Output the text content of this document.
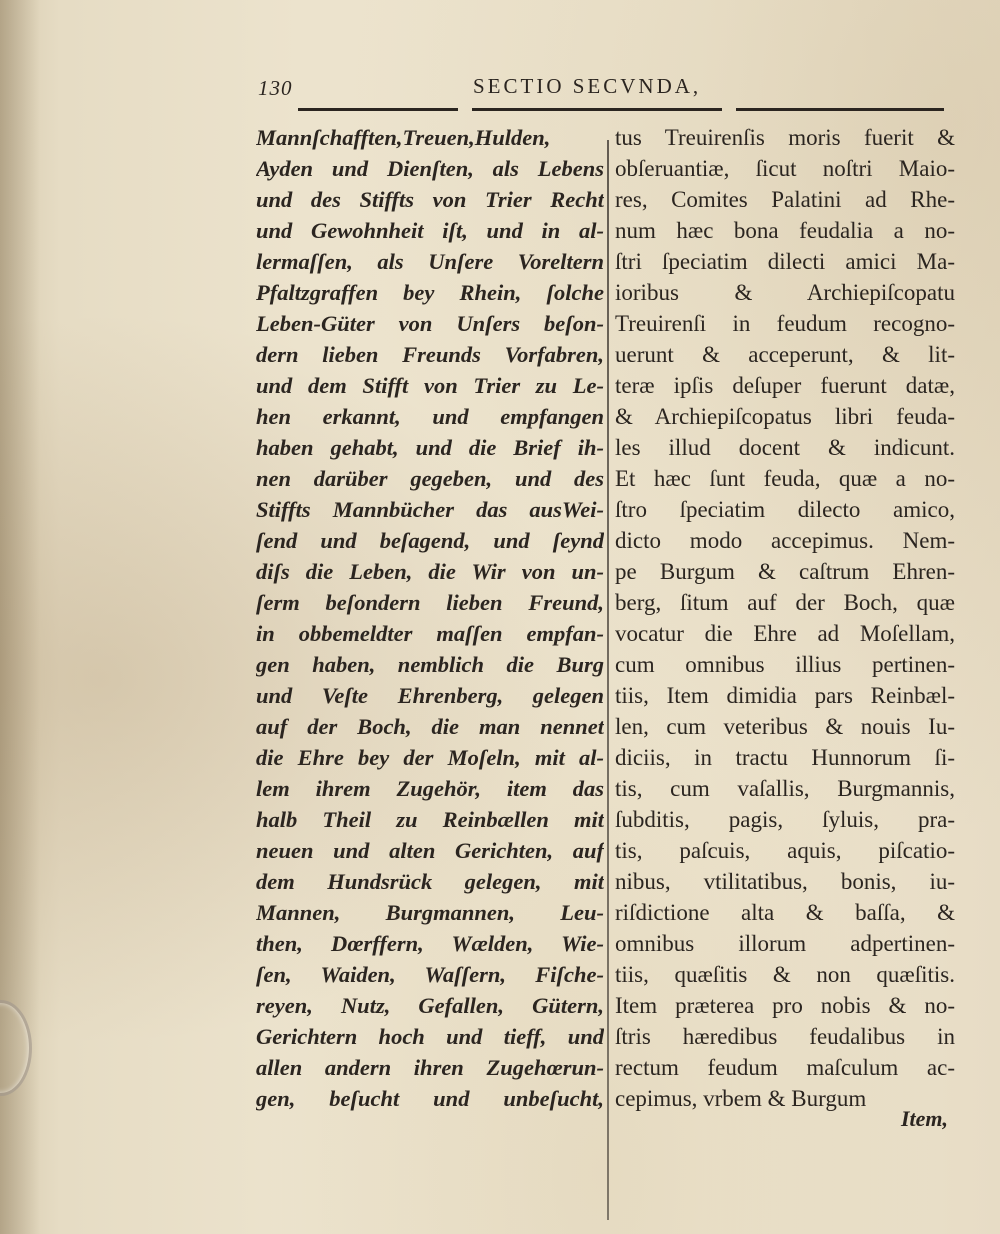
130	SECTIO SECVNDA,
Mannſchafften,Treuen,Hulden,
Ayden und Dienſten, als Lebens
und des Stiffts von Trier Recht
und Gewohnheit iſt, und in al-
lermaſſen, als Unſere Voreltern
Pfaltzgraffen bey Rhein, ſolche
Leben-Güter von Unſers beſon-
dern lieben Freunds Vorfabren,
und dem Stifft von Trier zu Le-
hen erkannt, und empfangen
haben gehabt, und die Brief ih-
nen darüber gegeben, und des
Stiffts Mannbücher das ausWei-
ſend und beſagend, und ſeynd
diſs die Leben, die Wir von un-
ſerm beſondern lieben Freund,
in obbemeldter maſſen empfan-
gen haben, nemblich die Burg
und Veſte Ehrenberg, gelegen
auf der Boch, die man nennet
die Ehre bey der Moſeln, mit al-
lem ihrem Zugehör, item das
halb Theil zu Reinbællen mit
neuen und alten Gerichten, auf
dem Hundsrück gelegen, mit
Mannen, Burgmannen, Leu-
then, Dœrffern, Wælden, Wie-
ſen, Waiden, Waſſern, Fiſche-
reyen, Nutz, Gefallen, Gütern,
Gerichtern hoch und tieff, und
allen andern ihren Zugehœrun-
gen, beſucht und unbeſucht,
tus Treuirenſis moris fuerit &
obſeruantiæ, ſicut noſtri Maio-
res, Comites Palatini ad Rhe-
num hæc bona feudalia a no-
ſtri ſpeciatim dilecti amici Ma-
ioribus & Archiepiſcopatu
Treuirenſi in feudum recogno-
uerunt & acceperunt, & lit-
teræ ipſis deſuper fuerunt datæ,
& Archiepiſcopatus libri feuda-
les illud docent & indicunt.
Et hæc ſunt feuda, quæ a no-
ſtro ſpeciatim dilecto amico,
dicto modo accepimus. Nem-
pe Burgum & caſtrum Ehren-
berg, ſitum auf der Boch, quæ
vocatur die Ehre ad Moſellam,
cum omnibus illius pertinen-
tiis, Item dimidia pars Reinbæl-
len, cum veteribus & nouis Iu-
diciis, in tractu Hunnorum ſi-
tis, cum vaſallis, Burgmannis,
ſubditis, pagis, ſyluis, pra-
tis, paſcuis, aquis, piſcatio-
nibus, vtilitatibus, bonis, iu-
riſdictione alta & baſſa, &
omnibus illorum adpertinen-
tiis, quæſitis & non quæſitis.
Item præterea pro nobis & no-
ſtris hæredibus feudalibus in
rectum feudum maſculum ac-
cepimus, vrbem & Burgum
Item,
